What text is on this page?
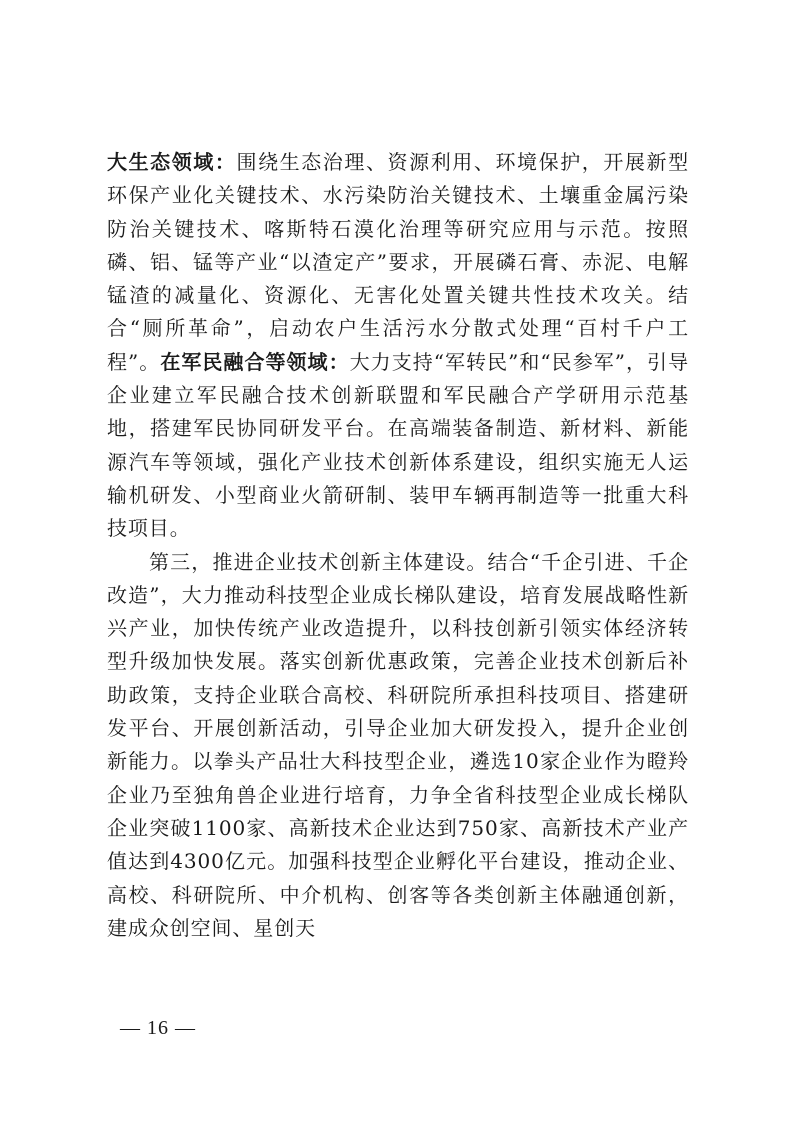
大生态领域：围绕生态治理、资源利用、环境保护，开展新型环保产业化关键技术、水污染防治关键技术、土壤重金属污染防治关键技术、喀斯特石漠化治理等研究应用与示范。按照磷、铝、锰等产业“以渣定产”要求，开展磷石膏、赤泥、电解锰渣的减量化、资源化、无害化处置关键共性技术攻关。结合“厕所革命”，启动农户生活污水分散式处理“百村千户工程”。在军民融合等领域：大力支持“军转民”和“民参军”，引导企业建立军民融合技术创新联盟和军民融合产学研用示范基地，搭建军民协同研发平台。在高端装备制造、新材料、新能源汽车等领域，强化产业技术创新体系建设，组织实施无人运输机研发、小型商业火箭研制、装甲车辆再制造等一批重大科技项目。

第三，推进企业技术创新主体建设。结合“千企引进、千企改造”，大力推动科技型企业成长梯队建设，培育发展战略性新兴产业，加快传统产业改造提升，以科技创新引领实体经济转型升级加快发展。落实创新优惠政策，完善企业技术创新后补助政策，支持企业联合高校、科研院所承担科技项目、搭建研发平台、开展创新活动，引导企业加大研发投入，提升企业创新能力。以拳头产品壮大科技型企业，遴选10家企业作为瞪羚企业乃至独角兽企业进行培育，力争全省科技型企业成长梯队企业突破1100家、高新技术企业达到750家、高新技术产业产值达到4300亿元。加强科技型企业孵化平台建设，推动企业、高校、科研院所、中介机构、创客等各类创新主体融通创新，建成众创空间、星创天

— 16 —
